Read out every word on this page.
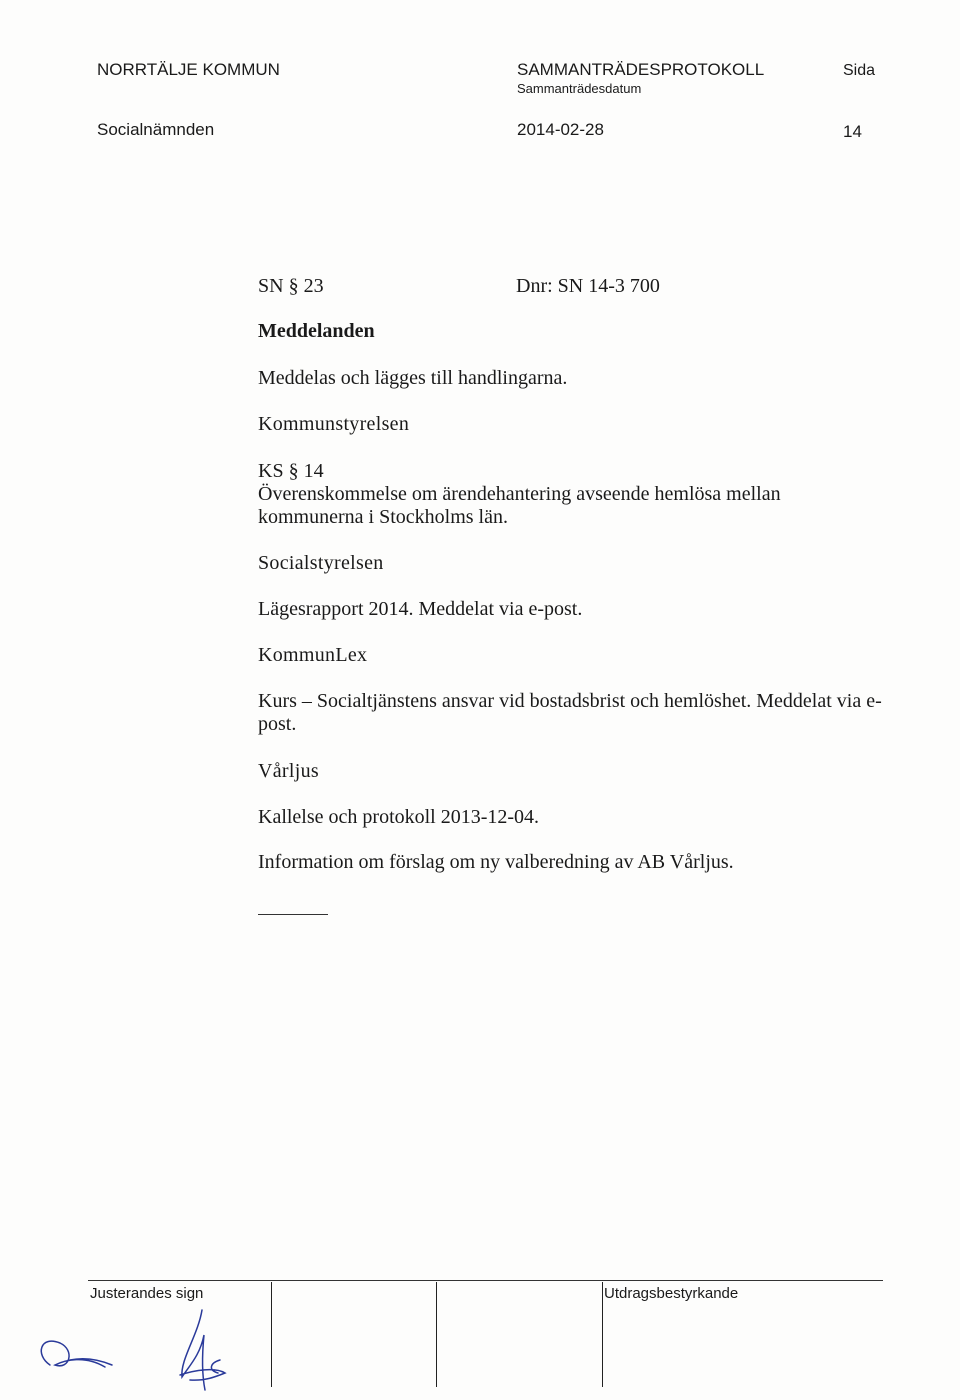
NORRTÄLJE KOMMUN	SAMMANTRÄDESPROTOKOLL	Sida
Sammanträdesdatum
Socialnämnden	2014-02-28	14
SN § 23	Dnr: SN 14-3 700
Meddelanden
Meddelas och lägges till handlingarna.
Kommunstyrelsen
KS § 14
Överenskommelse om ärendehantering avseende hemlösa mellan kommunerna i Stockholms län.
Socialstyrelsen
Lägesrapport 2014. Meddelat via e-post.
KommunLex
Kurs – Socialtjänstens ansvar vid bostadsbrist och hemlöshet. Meddelat via e-post.
Vårljus
Kallelse och protokoll 2013-12-04.
Information om förslag om ny valberedning av AB Vårljus.
Justerandes sign	Utdragsbestyrkande
